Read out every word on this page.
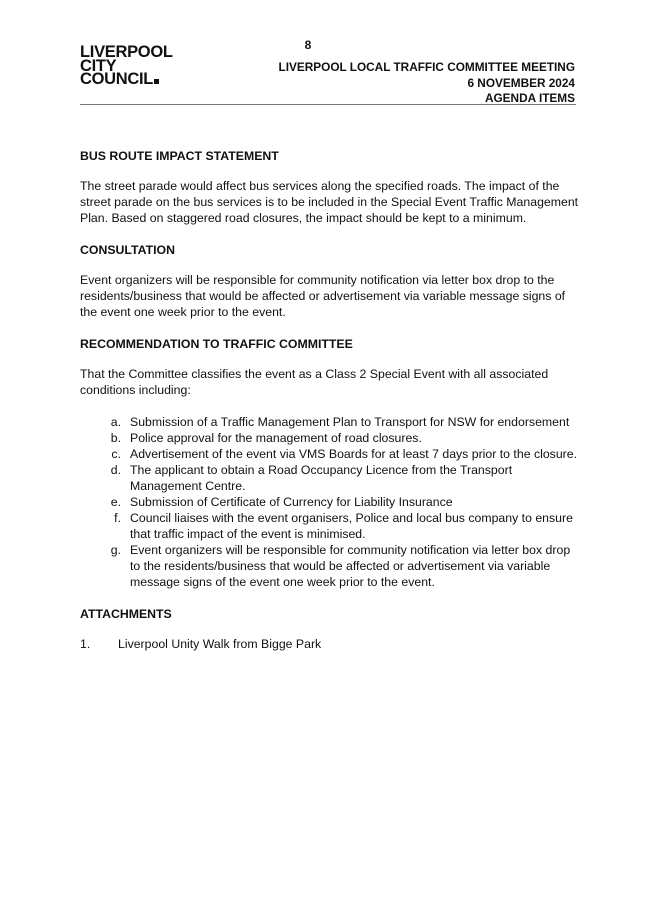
8
LIVERPOOL
CITY
COUNCIL
LIVERPOOL LOCAL TRAFFIC COMMITTEE MEETING
6 NOVEMBER 2024
AGENDA ITEMS
BUS ROUTE IMPACT STATEMENT

The street parade would affect bus services along the specified roads. The impact of the street parade on the bus services is to be included in the Special Event Traffic Management Plan. Based on staggered road closures, the impact should be kept to a minimum.

CONSULTATION

Event organizers will be responsible for community notification via letter box drop to the residents/business that would be affected or advertisement via variable message signs of the event one week prior to the event.

RECOMMENDATION TO TRAFFIC COMMITTEE

That the Committee classifies the event as a Class 2 Special Event with all associated conditions including:

a. Submission of a Traffic Management Plan to Transport for NSW for endorsement
b. Police approval for the management of road closures.
c. Advertisement of the event via VMS Boards for at least 7 days prior to the closure.
d. The applicant to obtain a Road Occupancy Licence from the Transport Management Centre.
e. Submission of Certificate of Currency for Liability Insurance
f. Council liaises with the event organisers, Police and local bus company to ensure that traffic impact of the event is minimised.
g. Event organizers will be responsible for community notification via letter box drop to the residents/business that would be affected or advertisement via variable message signs of the event one week prior to the event.
ATTACHMENTS
1.	Liverpool Unity Walk from Bigge Park
